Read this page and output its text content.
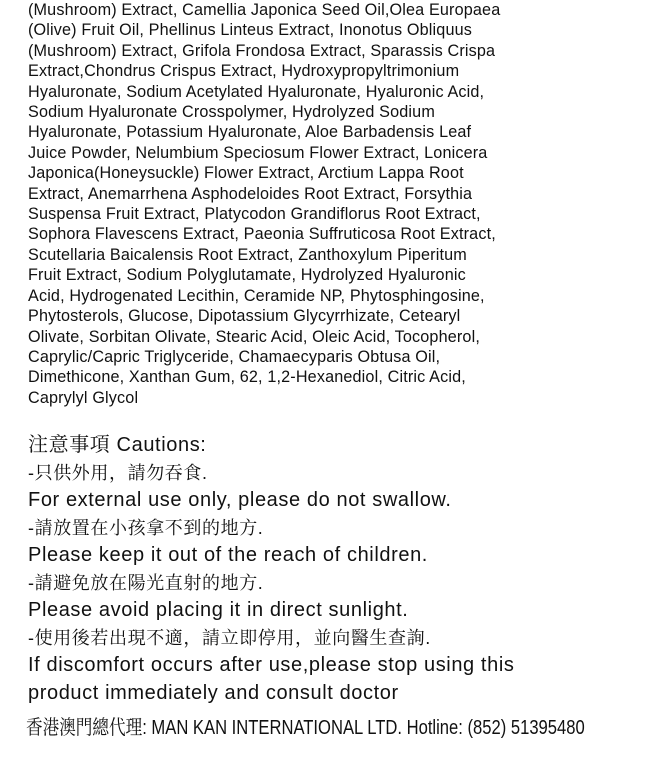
(Mushroom) Extract, Camellia Japonica Seed Oil,Olea Europaea
(Olive) Fruit Oil, Phellinus Linteus Extract, Inonotus Obliquus
(Mushroom) Extract, Grifola Frondosa Extract, Sparassis Crispa
Extract,Chondrus Crispus Extract, Hydroxypropyltrimonium
Hyaluronate, Sodium Acetylated Hyaluronate, Hyaluronic Acid,
Sodium Hyaluronate Crosspolymer, Hydrolyzed Sodium
Hyaluronate, Potassium Hyaluronate, Aloe Barbadensis Leaf
Juice Powder, Nelumbium Speciosum Flower Extract, Lonicera
Japonica(Honeysuckle) Flower Extract, Arctium Lappa Root
Extract, Anemarrhena Asphodeloides Root Extract, Forsythia
Suspensa Fruit Extract, Platycodon Grandiflorus Root Extract,
Sophora Flavescens Extract, Paeonia Suffruticosa Root Extract,
Scutellaria Baicalensis Root Extract, Zanthoxylum Piperitum
Fruit Extract, Sodium Polyglutamate, Hydrolyzed Hyaluronic
Acid, Hydrogenated Lecithin, Ceramide NP, Phytosphingosine,
Phytosterols, Glucose, Dipotassium Glycyrrhizate, Cetearyl
Olivate, Sorbitan Olivate, Stearic Acid, Oleic Acid, Tocopherol,
Caprylic/Capric Triglyceride, Chamaecyparis Obtusa Oil,
Dimethicone, Xanthan Gum, 62, 1,2-Hexanediol, Citric Acid,
Caprylyl Glycol
注意事項 Cautions:
-只供外用，請勿吞食.
For external use only, please do not swallow.
-請放置在小孩拿不到的地方.
Please keep it out of the reach of children.
-請避免放在陽光直射的地方.
Please avoid placing it in direct sunlight.
-使用後若出現不適，請立即停用，並向醫生查詢.
If discomfort occurs after use,please stop using this
product immediately and consult doctor
香港澳門總代理: MAN KAN INTERNATIONAL LTD. Hotline: (852) 51395480
